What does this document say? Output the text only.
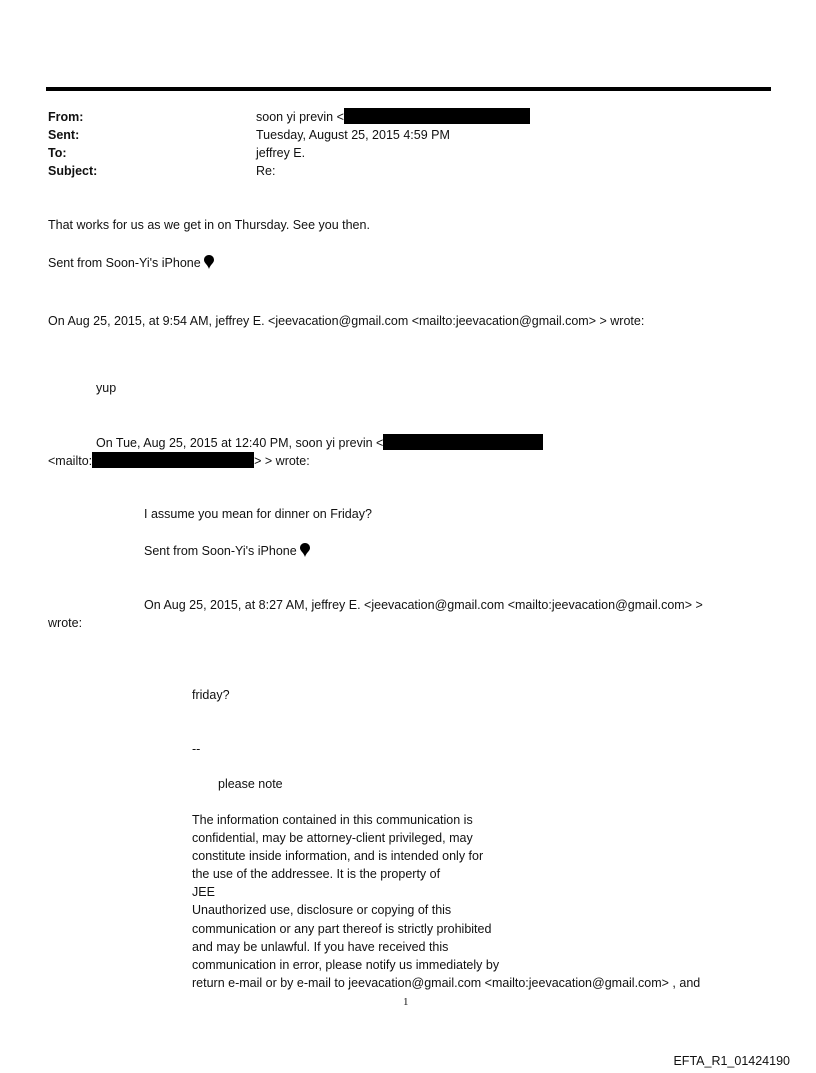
From:	soon yi previn <
Sent:	Tuesday, August 25, 2015 4:59 PM
To:	jeffrey E.
Subject:	Re:
That works for us as we get in on Thursday. See you then.
Sent from Soon-Yi's iPhone
On Aug 25, 2015, at 9:54 AM, jeffrey E. <jeevacation@gmail.com <mailto:jeevacation@gmail.com> > wrote:
yup
On Tue, Aug 25, 2015 at 12:40 PM, soon yi previn <
<mailto:	> > wrote:
I assume you mean for dinner on Friday?
Sent from Soon-Yi's iPhone
On Aug 25, 2015, at 8:27 AM, jeffrey E. <jeevacation@gmail.com <mailto:jeevacation@gmail.com> >
wrote:
friday?
--
please note
The information contained in this communication is
confidential, may be attorney-client privileged, may
constitute inside information, and is intended only for
the use of the addressee. It is the property of
JEE
Unauthorized use, disclosure or copying of this
communication or any part thereof is strictly prohibited
and may be unlawful. If you have received this
communication in error, please notify us immediately by
return e-mail or by e-mail to jeevacation@gmail.com <mailto:jeevacation@gmail.com> , and
1
EFTA_R1_01424190
